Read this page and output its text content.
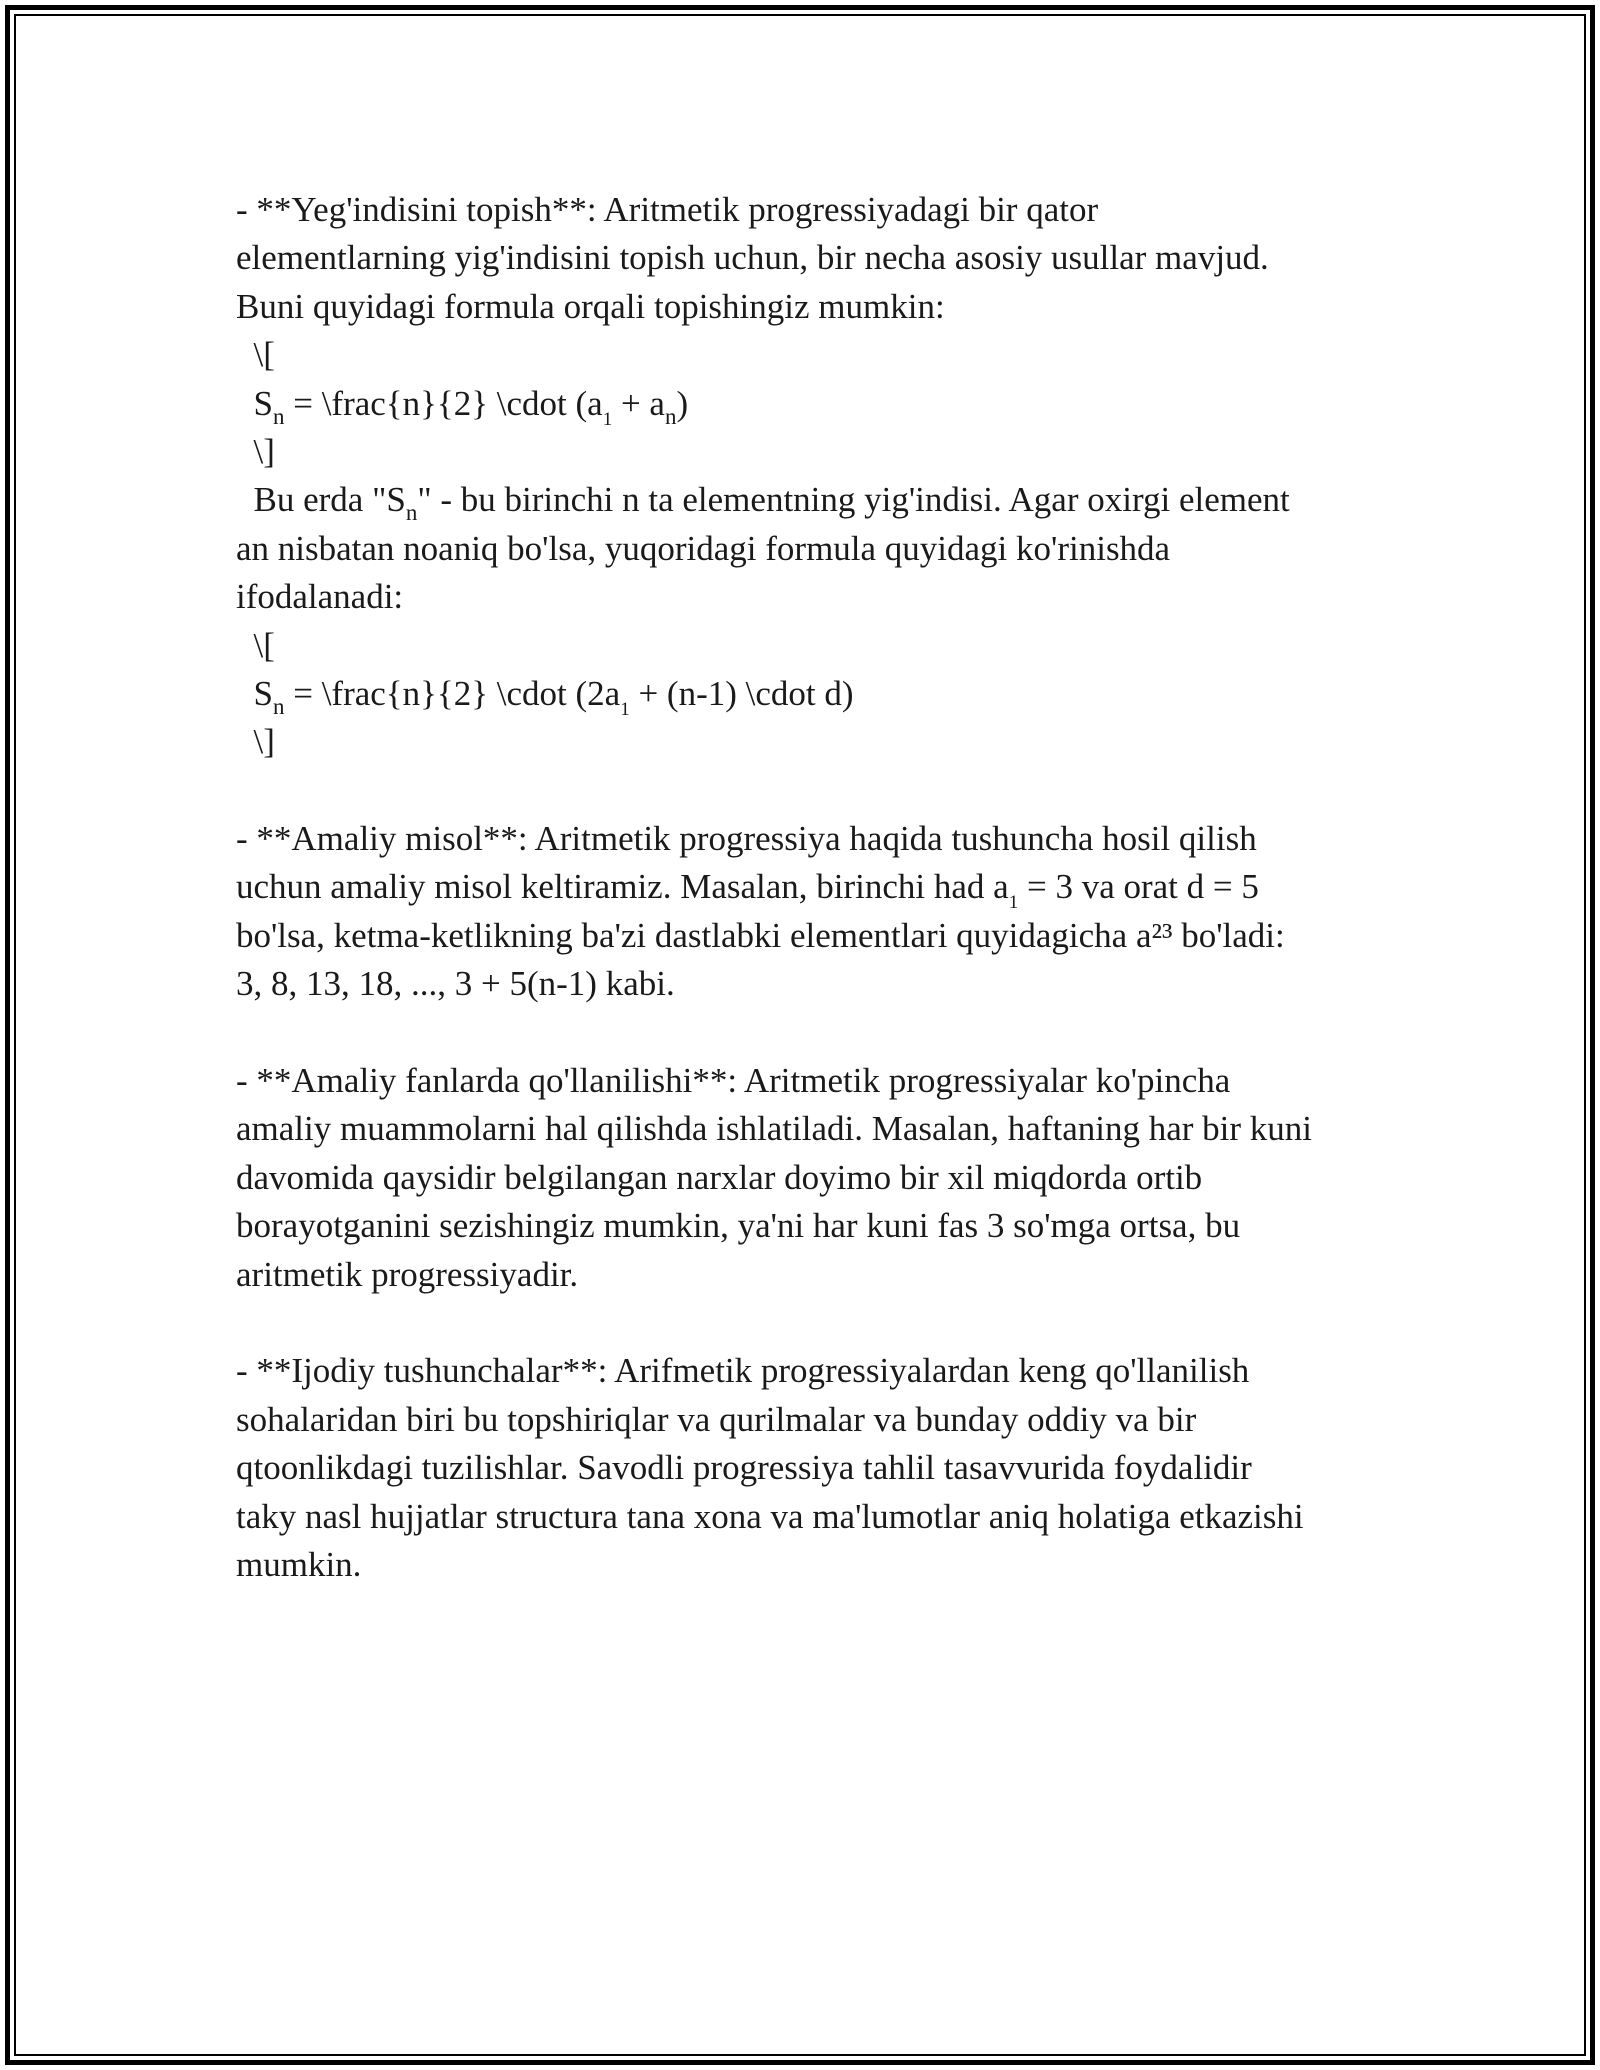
- **Yeg'indisini topish**: Aritmetik progressiyadagi bir qator
elementlarning yig'indisini topish uchun, bir necha asosiy usullar mavjud.
Buni quyidagi formula orqali topishingiz mumkin:
\[
$S_n$ = \frac{n}{2} \cdot $(a_1 + a_n)$
\]
Bu erda "$S_n$" - bu birinchi n ta elementning yig'indisi. Agar oxirgi element
an nisbatan noaniq bo'lsa, yuqoridagi formula quyidagi ko'rinishda
ifodalanadi:
\[
$S_n$ = \frac{n}{2} \cdot ($2a_1 + (n-1)$ \cdot d)
\]
- **Amaliy misol**: Aritmetik progressiya haqida tushuncha hosil qilish
uchun amaliy misol keltiramiz. Masalan, birinchi had $a_1 = 3$ va orat d = 5
bo'lsa, ketma-ketlikning ba'zi dastlabki elementlari quyidagicha a²³ bo'ladi:
3, 8, 13, 18, ..., 3 + 5(n-1) kabi.
- **Amaliy fanlarda qo'llanilishi**: Aritmetik progressiyalar ko'pincha
amaliy muammolarni hal qilishda ishlatiladi. Masalan, haftaning har bir kuni
davomida qaysidir belgilangan narxlar doyimo bir xil miqdorda ortib
borayotganini sezishingiz mumkin, ya'ni har kuni fas 3 so'mga ortsa, bu
aritmetik progressiyadir.
- **Ijodiy tushunchalar**: Arifmetik progressiyalardan keng qo'llanilish
sohalaridan biri bu topshiriqlar va qurilmalar va bunday oddiy va bir
qtoonlikdagi tuzilishlar. Savodli progressiya tahlil tasavvurida foydalidir
taky nasl hujjatlar structura tana xona va ma'lumotlar aniq holatiga etkazishi
mumkin.
